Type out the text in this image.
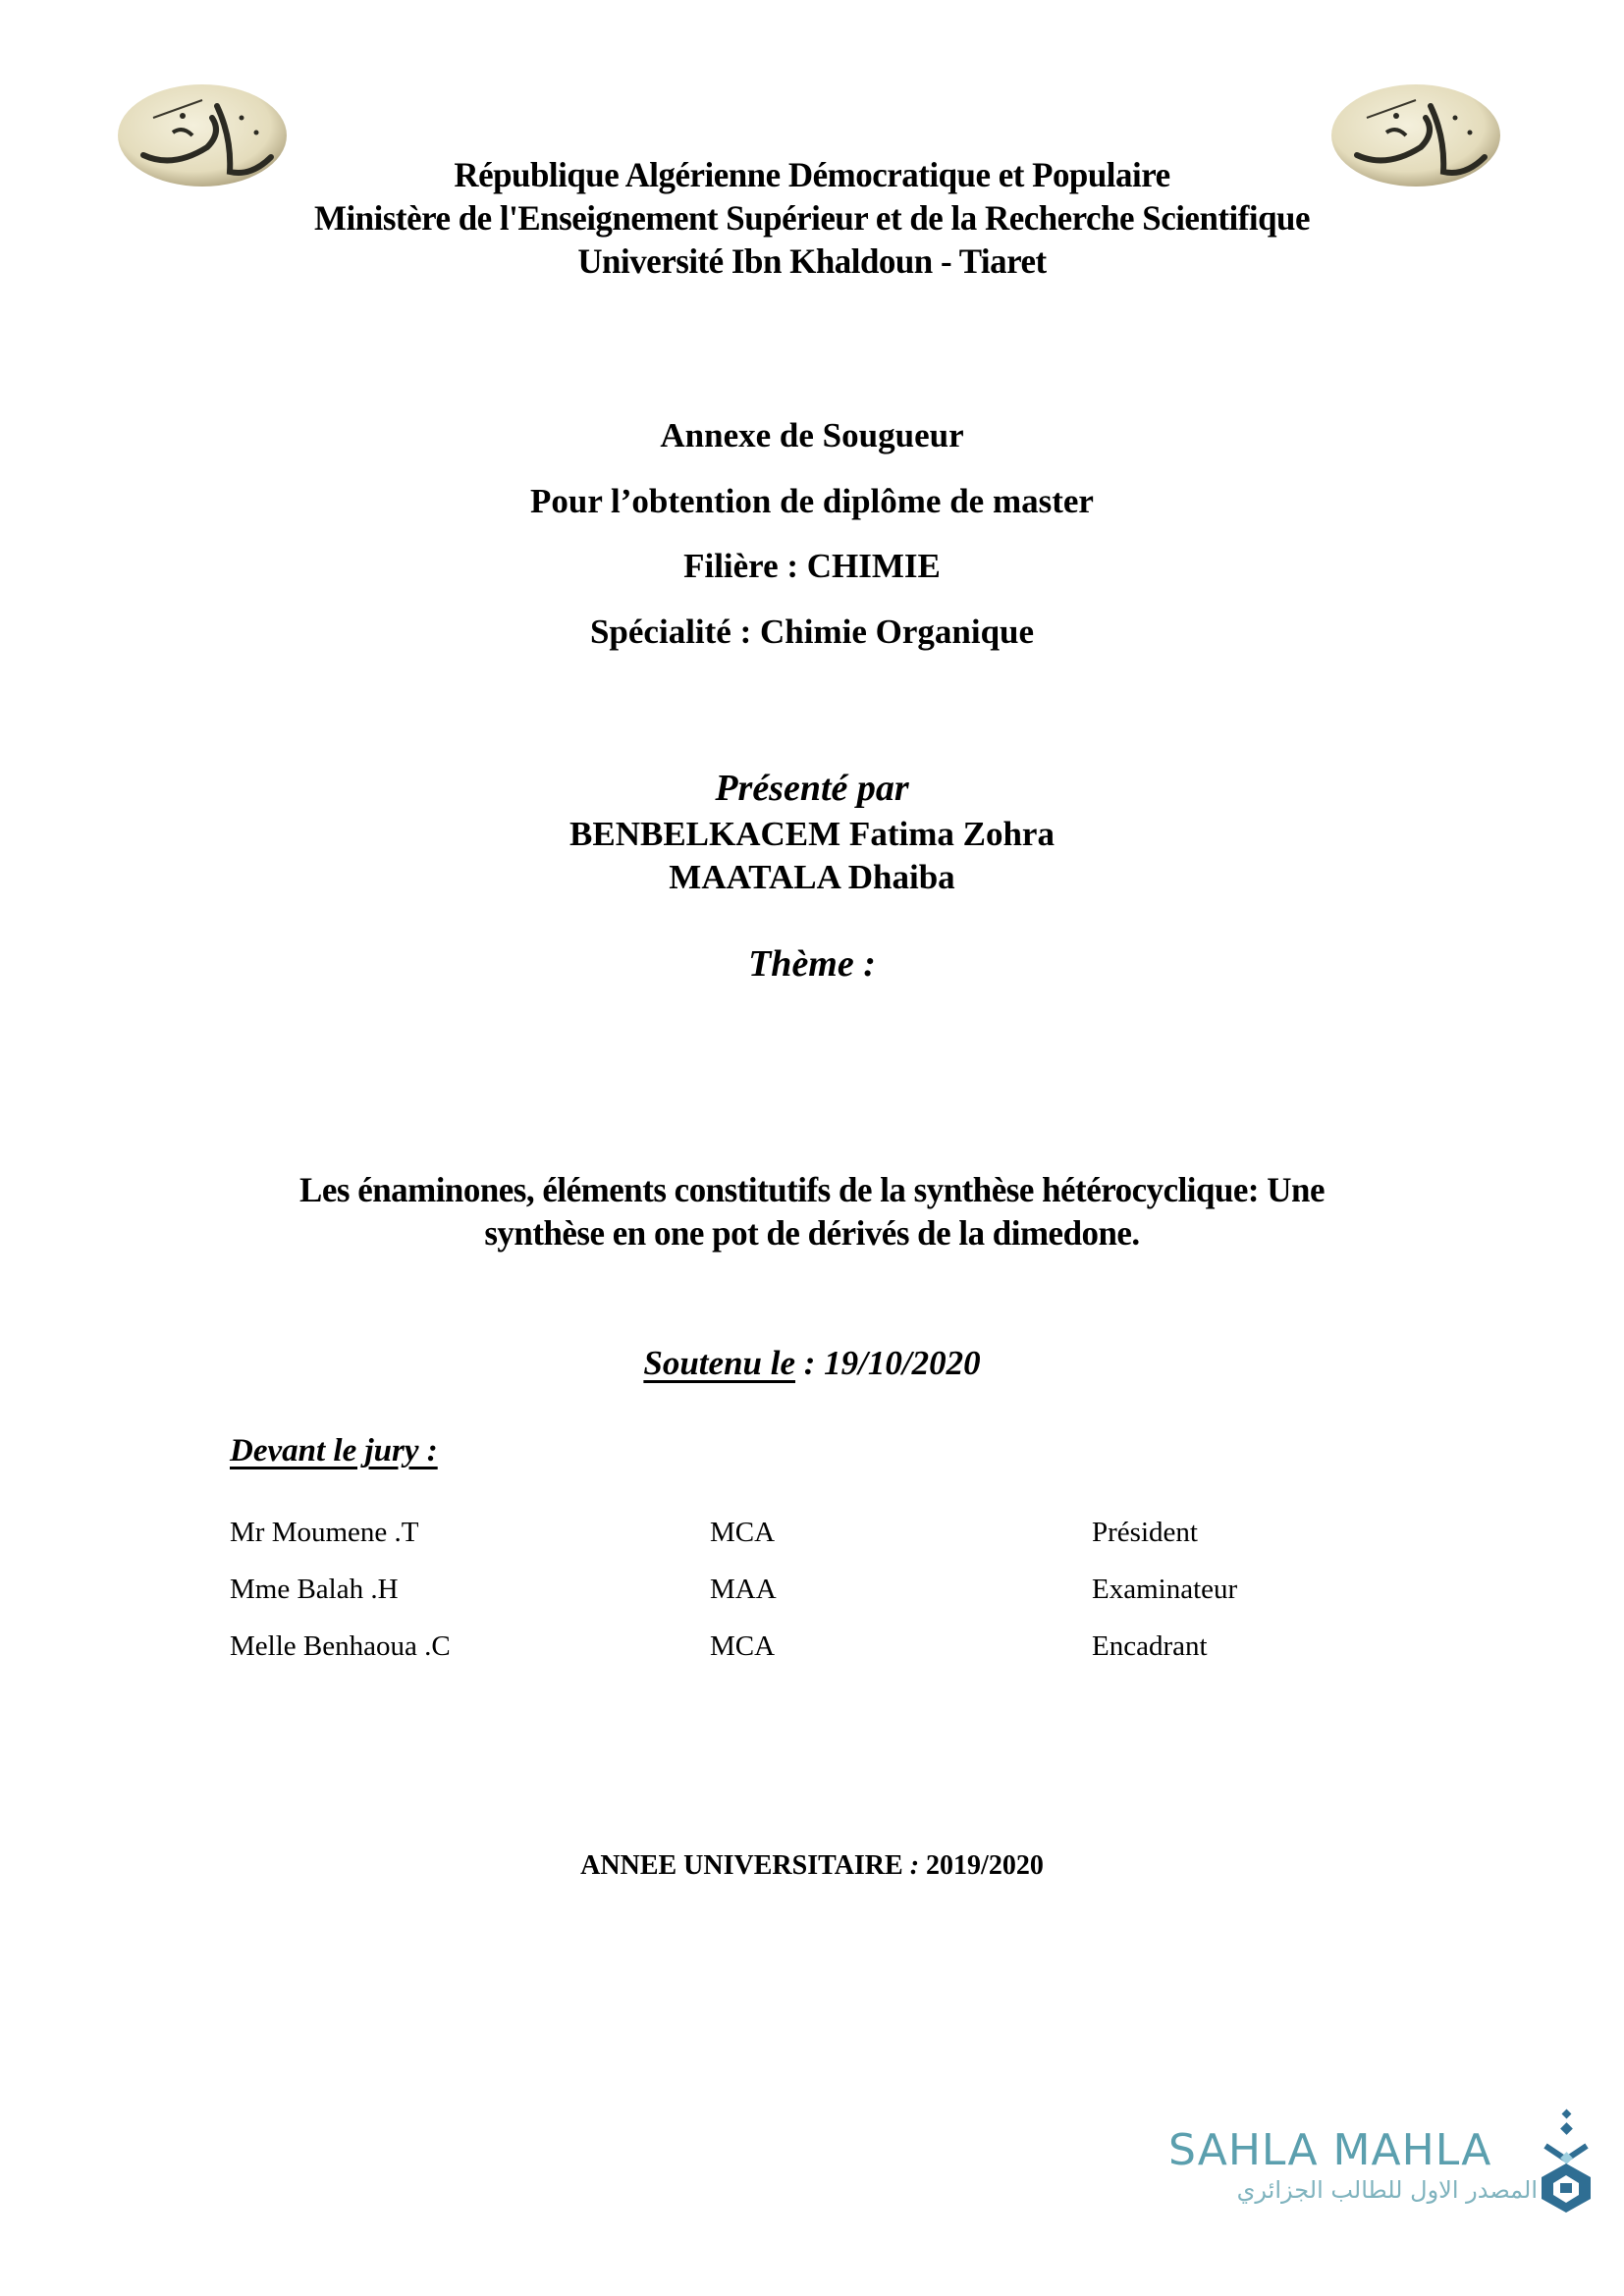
République Algérienne Démocratique et Populaire
Ministère de l'Enseignement Supérieur et de la Recherche Scientifique
Université Ibn Khaldoun - Tiaret
Annexe de Sougueur
Pour l’obtention de diplôme de master
Filière : CHIMIE
Spécialité : Chimie Organique
Présenté par
BENBELKACEM Fatima Zohra
MAATALA Dhaiba
Thème :
Les énaminones, éléments constitutifs de la synthèse hétérocyclique: Une
synthèse en one pot de dérivés de la dimedone.
Soutenu le : 19/10/2020
Devant le jury :
Mr Moumene .T	MCA	Président
Mme Balah .H	MAA	Examinateur
Melle Benhaoua .C	MCA	Encadrant
ANNEE UNIVERSITAIRE : 2019/2020
SAHLA MAHLA
المصدر الاول للطالب الجزائري
